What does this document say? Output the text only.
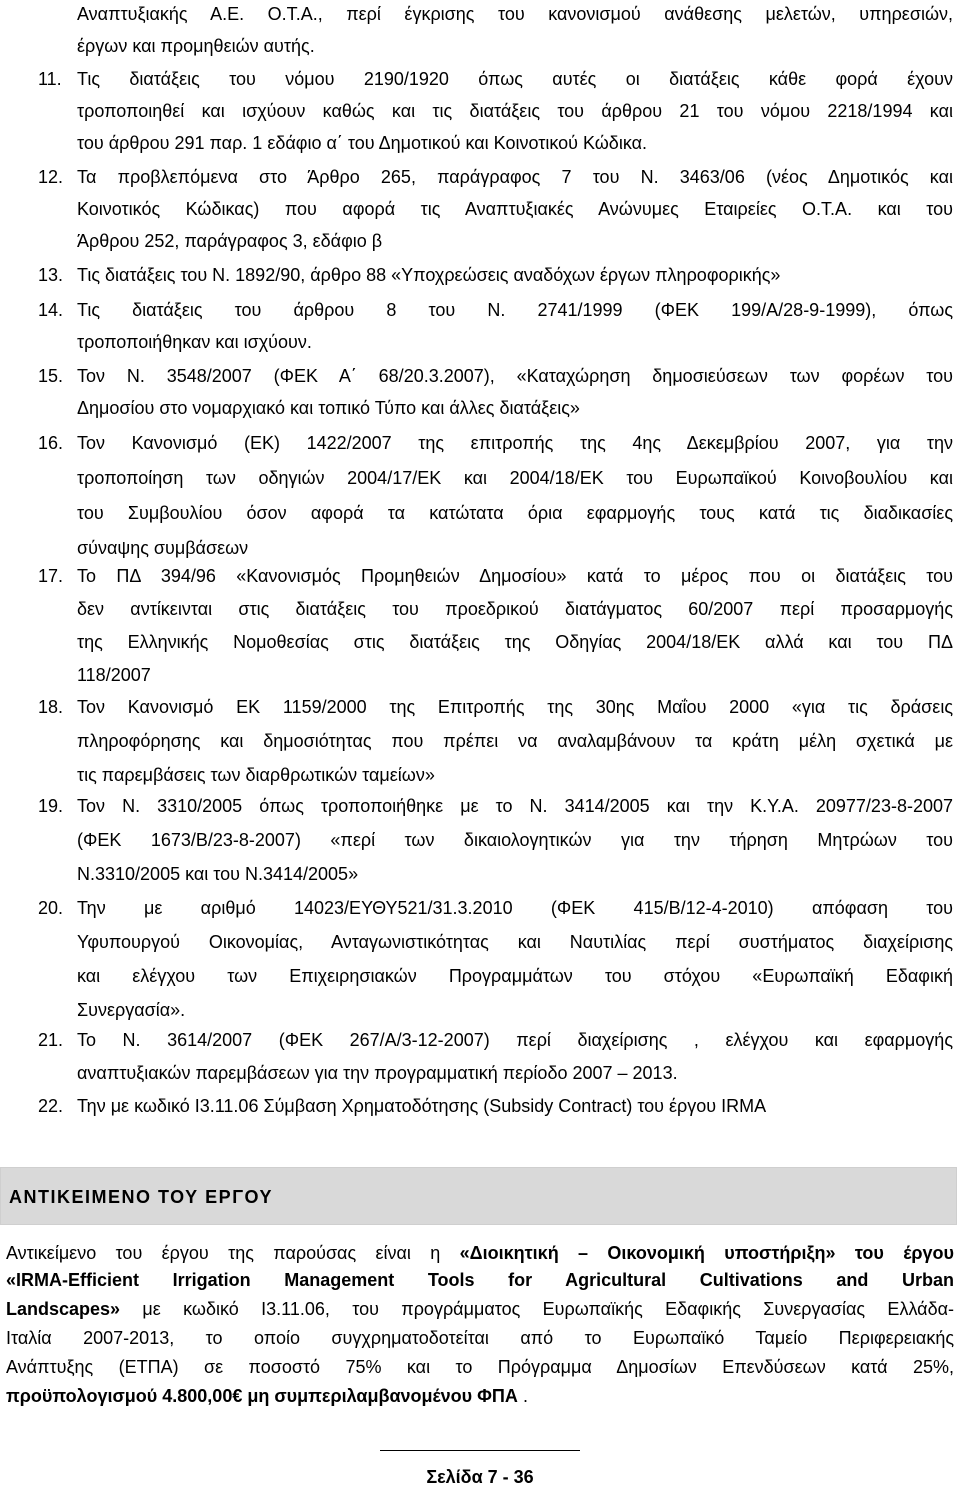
Αναπτυξιακής Α.Ε. Ο.Τ.Α., περί έγκρισης του κανονισμού ανάθεσης μελετών, υπηρεσιών,
έργων και προμηθειών αυτής.
11. Τις διατάξεις του νόμου 2190/1920 όπως αυτές οι διατάξεις κάθε φορά έχουν
τροποποιηθεί και ισχύουν καθώς και τις διατάξεις του άρθρου 21 του νόμου 2218/1994 και
του άρθρου 291 παρ. 1 εδάφιο α΄ του Δημοτικού και Κοινοτικού Κώδικα.
12. Τα προβλεπόμενα στο Άρθρο 265, παράγραφος 7 του Ν. 3463/06 (νέος Δημοτικός και
Κοινοτικός Κώδικας) που αφορά τις Αναπτυξιακές Ανώνυμες Εταιρείες Ο.Τ.Α. και του
Άρθρου 252, παράγραφος 3, εδάφιο β
13. Τις διατάξεις του Ν. 1892/90, άρθρο 88 «Υποχρεώσεις αναδόχων έργων πληροφορικής»
14. Τις διατάξεις του άρθρου 8 του Ν. 2741/1999 (ΦΕΚ 199/Α/28-9-1999), όπως
τροποποιήθηκαν και ισχύουν.
15. Τον Ν. 3548/2007 (ΦΕΚ Α΄ 68/20.3.2007), «Καταχώρηση δημοσιεύσεων των φορέων του
Δημοσίου στο νομαρχιακό και τοπικό Τύπο και άλλες διατάξεις»
16. Τον Κανονισμό (ΕΚ) 1422/2007 της επιτροπής της 4ης Δεκεμβρίου 2007, για την
τροποποίηση των οδηγιών 2004/17/ΕΚ και 2004/18/ΕΚ του Ευρωπαϊκού Κοινοβουλίου και
του Συμβουλίου όσον αφορά τα κατώτατα όρια εφαρμογής τους κατά τις διαδικασίες
σύναψης συμβάσεων
17. Το ΠΔ 394/96 «Κανονισμός Προμηθειών Δημοσίου» κατά το μέρος που οι διατάξεις του
δεν αντίκεινται στις διατάξεις του προεδρικού διατάγματος 60/2007 περί προσαρμογής
της Ελληνικής Νομοθεσίας στις διατάξεις της Οδηγίας 2004/18/ΕΚ αλλά και του ΠΔ
118/2007
18. Τον Κανονισμό ΕΚ 1159/2000 της Επιτροπής της 30ης Μαΐου 2000 «για τις δράσεις
πληροφόρησης και δημοσιότητας που πρέπει να αναλαμβάνουν τα κράτη μέλη σχετικά με
τις παρεμβάσεις των διαρθρωτικών ταμείων»
19. Τον Ν. 3310/2005 όπως τροποποιήθηκε με το Ν. 3414/2005 και την Κ.Υ.Α. 20977/23-8-2007
(ΦΕΚ 1673/Β/23-8-2007) «περί των δικαιολογητικών για την τήρηση Μητρώων του
Ν.3310/2005 και του Ν.3414/2005»
20. Την με αριθμό 14023/ΕΥΘΥ521/31.3.2010 (ΦΕΚ 415/Β/12-4-2010) απόφαση του
Υφυπουργού Οικονομίας, Ανταγωνιστικότητας και Ναυτιλίας περί συστήματος διαχείρισης
και ελέγχου των Επιχειρησιακών Προγραμμάτων του στόχου «Ευρωπαϊκή Εδαφική
Συνεργασία».
21. Το Ν. 3614/2007 (ΦΕΚ 267/Α/3-12-2007) περί διαχείρισης , ελέγχου και εφαρμογής
αναπτυξιακών παρεμβάσεων για την προγραμματική περίοδο 2007 – 2013.
22. Την με κωδικό Ι3.11.06 Σύμβαση Χρηματοδότησης (Subsidy Contract) του έργου IRMA
ΑΝΤΙΚΕΙΜΕΝΟ ΤΟΥ ΕΡΓΟΥ
Αντικείμενο του έργου της παρούσας είναι η «Διοικητική – Οικονομική υποστήριξη» του έργου
«IRMA-Efficient Irrigation Management Tools for Agricultural Cultivations and Urban
Landscapes» με κωδικό Ι3.11.06, του προγράμματος Ευρωπαϊκής Εδαφικής Συνεργασίας Ελλάδα-
Ιταλία 2007-2013, το οποίο συγχρηματοδοτείται από το Ευρωπαϊκό Ταμείο Περιφερειακής
Ανάπτυξης (ΕΤΠΑ) σε ποσοστό 75% και το Πρόγραμμα Δημοσίων Επενδύσεων κατά 25%,
προϋπολογισμού 4.800,00€ μη συμπεριλαμβανομένου ΦΠΑ .
Σελίδα 7 - 36
